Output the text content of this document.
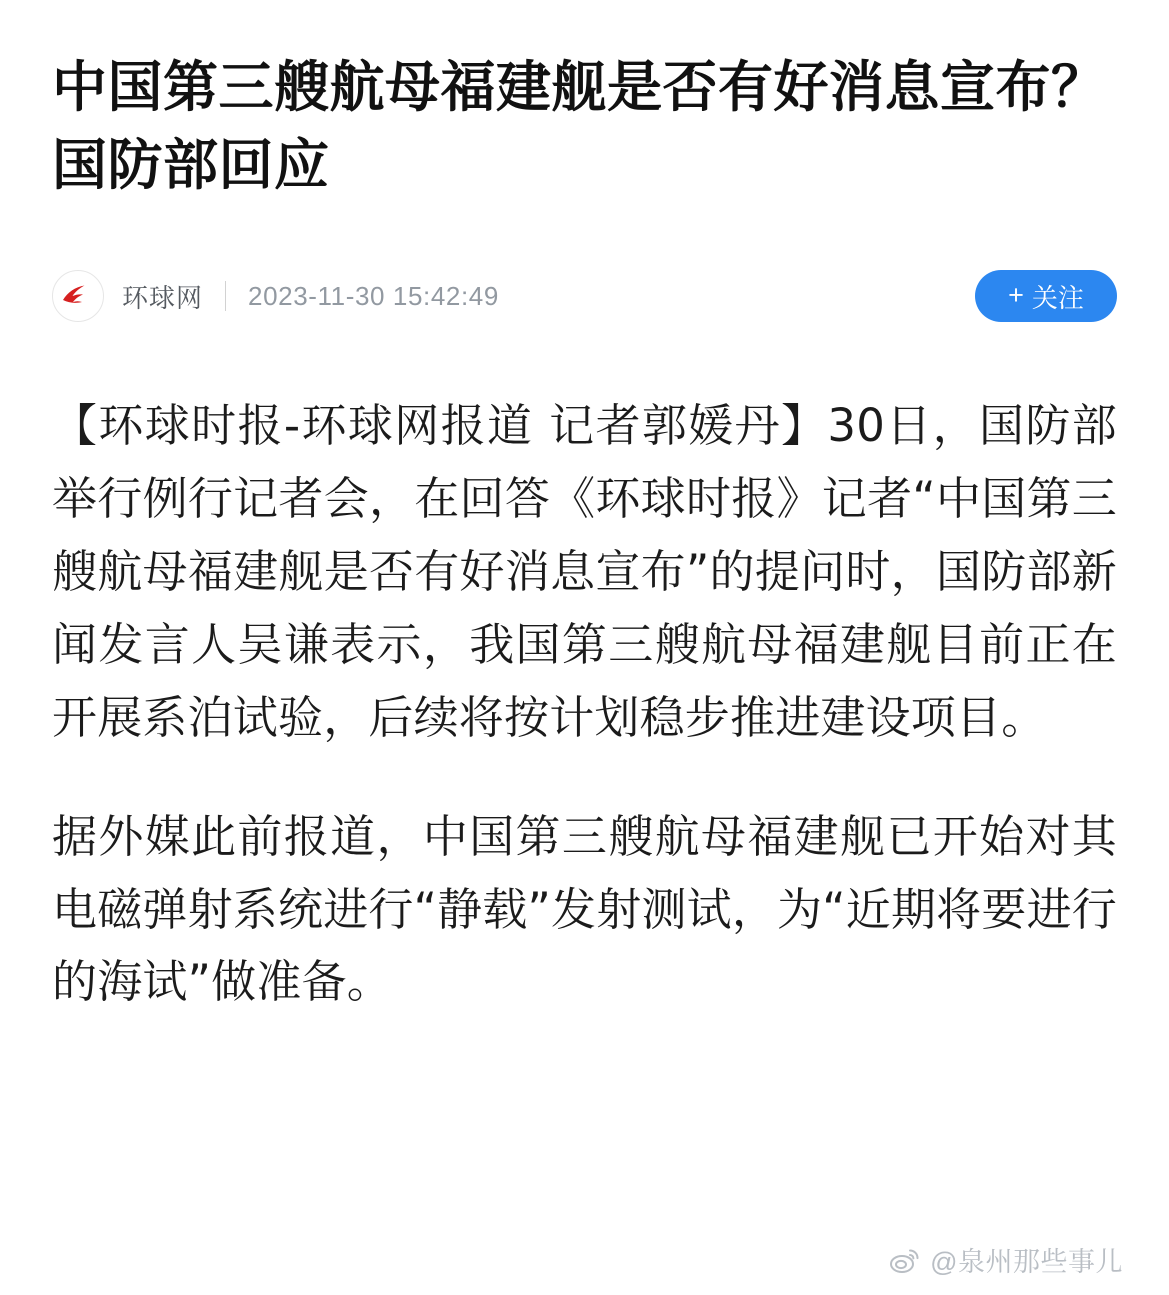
中国第三艘航母福建舰是否有好消息宣布？国防部回应
环球网 2023-11-30 15:42:49	+ 关注

【环球时报-环球网报道 记者郭媛丹】30日，国防部举行例行记者会，在回答《环球时报》记者“中国第三艘航母福建舰是否有好消息宣布”的提问时，国防部新闻发言人吴谦表示，我国第三艘航母福建舰目前正在开展系泊试验，后续将按计划稳步推进建设项目。

据外媒此前报道，中国第三艘航母福建舰已开始对其电磁弹射系统进行“静载”发射测试，为“近期将要进行的海试”做准备。

@泉州那些事儿
